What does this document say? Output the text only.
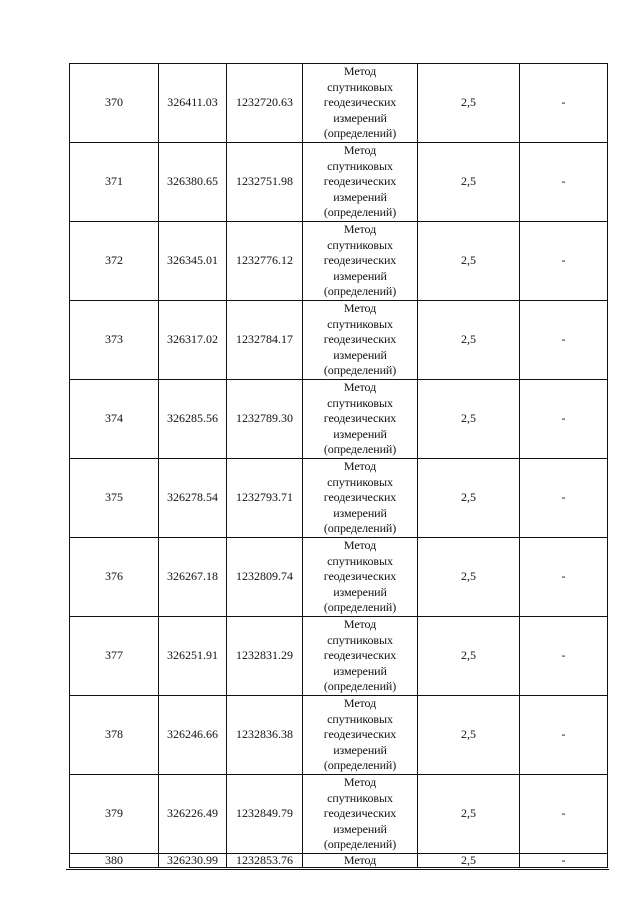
370	326411.03	1232720.63	Метод
спутниковых
геодезических
измерений
(определений)	2,5	-
371	326380.65	1232751.98	Метод
спутниковых
геодезических
измерений
(определений)	2,5	-
372	326345.01	1232776.12	Метод
спутниковых
геодезических
измерений
(определений)	2,5	-
373	326317.02	1232784.17	Метод
спутниковых
геодезических
измерений
(определений)	2,5	-
374	326285.56	1232789.30	Метод
спутниковых
геодезических
измерений
(определений)	2,5	-
375	326278.54	1232793.71	Метод
спутниковых
геодезических
измерений
(определений)	2,5	-
376	326267.18	1232809.74	Метод
спутниковых
геодезических
измерений
(определений)	2,5	-
377	326251.91	1232831.29	Метод
спутниковых
геодезических
измерений
(определений)	2,5	-
378	326246.66	1232836.38	Метод
спутниковых
геодезических
измерений
(определений)	2,5	-
379	326226.49	1232849.79	Метод
спутниковых
геодезических
измерений
(определений)	2,5	-
380	326230.99	1232853.76	Метод	2,5	-
